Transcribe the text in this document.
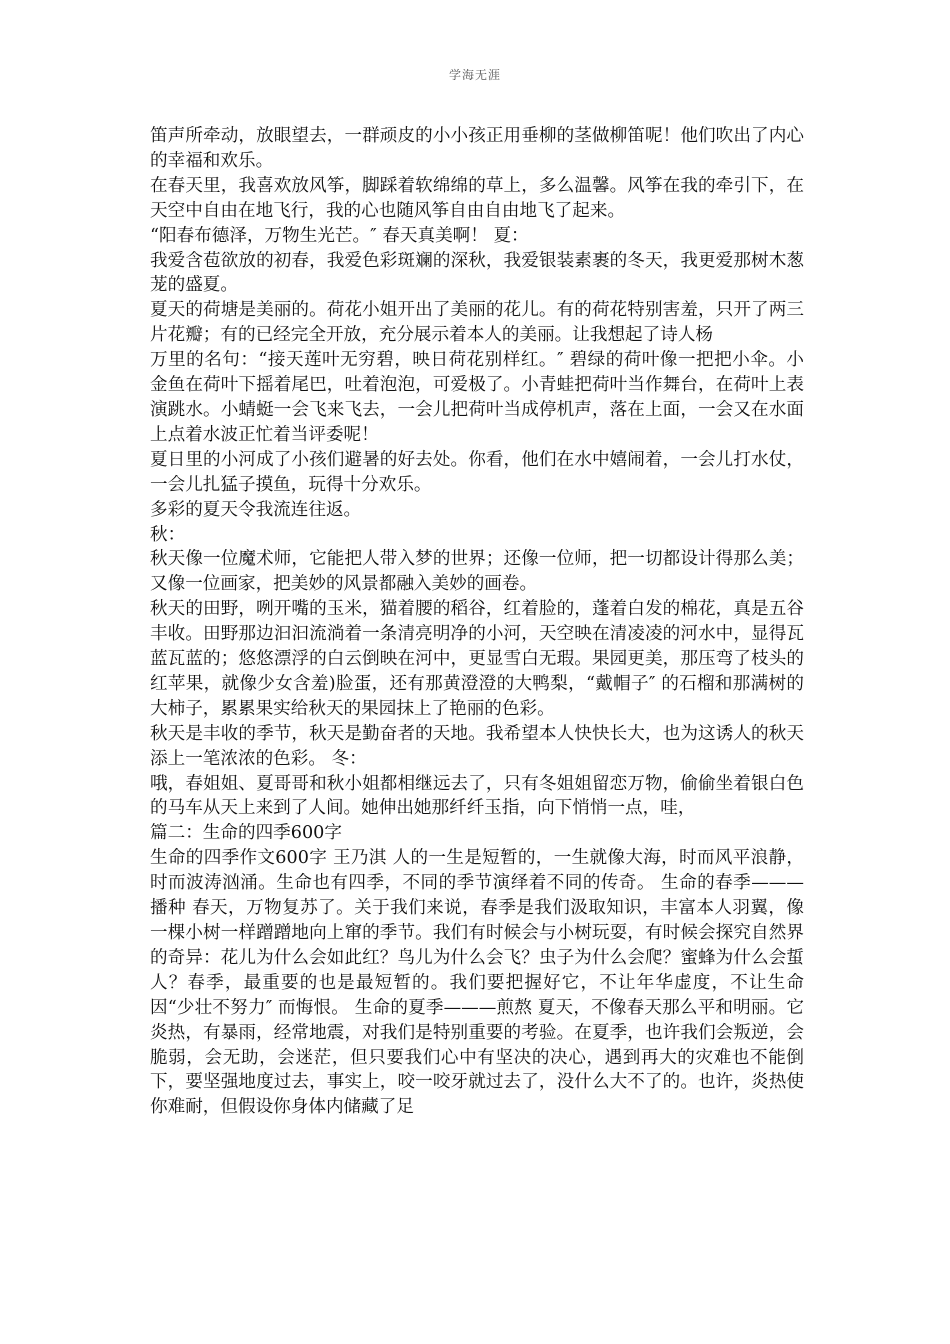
学海无涯

笛声所牵动，放眼望去，一群顽皮的小小孩正用垂柳的茎做柳笛呢！他们吹出了内心的幸福和欢乐。

在春天里，我喜欢放风筝，脚踩着软绵绵的草上，多么温馨。风筝在我的牵引下，在天空中自由在地飞行，我的心也随风筝自由自由地飞了起来。

“阳春布德泽，万物生光芒。″ 春天真美啊！ 夏：

我爱含苞欲放的初春，我爱色彩斑斓的深秋，我爱银装素裹的冬天，我更爱那树木葱茏的盛夏。

夏天的荷塘是美丽的。荷花小姐开出了美丽的花儿。有的荷花特别害羞，只开了两三片花瓣；有的已经完全开放，充分展示着本人的美丽。让我想起了诗人杨

万里的名句：“接天莲叶无穷碧，映日荷花别样红。″ 碧绿的荷叶像一把把小伞。小金鱼在荷叶下摇着尾巴，吐着泡泡，可爱极了。小青蛙把荷叶当作舞台，在荷叶上表演跳水。小蜻蜓一会飞来飞去，一会儿把荷叶当成停机声，落在上面，一会又在水面上点着水波正忙着当评委呢！

夏日里的小河成了小孩们避暑的好去处。你看，他们在水中嬉闹着，一会儿打水仗，一会儿扎猛子摸鱼，玩得十分欢乐。

多彩的夏天令我流连往返。

秋：

秋天像一位魔术师，它能把人带入梦的世界；还像一位师，把一切都设计得那么美；又像一位画家，把美妙的风景都融入美妙的画卷。

秋天的田野，咧开嘴的玉米，猫着腰的稻谷，红着脸的，蓬着白发的棉花，真是五谷丰收。田野那边汩汩流淌着一条清亮明净的小河，天空映在清凌凌的河水中，显得瓦蓝瓦蓝的；悠悠漂浮的白云倒映在河中，更显雪白无瑕。果园更美，那压弯了枝头的红苹果，就像少女含羞)脸蛋，还有那黄澄澄的大鸭梨，“戴帽子″ 的石榴和那满树的大柿子，累累果实给秋天的果园抹上了艳丽的色彩。

秋天是丰收的季节，秋天是勤奋者的天地。我希望本人快快长大，也为这诱人的秋天添上一笔浓浓的色彩。 冬：

哦，春姐姐、夏哥哥和秋小姐都相继远去了，只有冬姐姐留恋万物，偷偷坐着银白色的马车从天上来到了人间。她伸出她那纤纤玉指，向下悄悄一点，哇，

篇二：生命的四季600字

生命的四季作文600字 王乃淇 人的一生是短暂的，一生就像大海，时而风平浪静，时而波涛汹涌。生命也有四季，不同的季节演绎着不同的传奇。 生命的春季———播种 春天，万物复苏了。关于我们来说，春季是我们汲取知识，丰富本人羽翼，像一棵小树一样蹭蹭地向上窜的季节。我们有时候会与小树玩耍，有时候会探究自然界的奇异：花儿为什么会如此红？鸟儿为什么会飞？虫子为什么会爬？蜜蜂为什么会蜇人？春季，最重要的也是最短暂的。我们要把握好它，不让年华虚度，不让生命因“少壮不努力″ 而悔恨。 生命的夏季———煎熬 夏天，不像春天那么平和明丽。它炎热，有暴雨，经常地震，对我们是特别重要的考验。在夏季，也许我们会叛逆，会脆弱，会无助，会迷茫，但只要我们心中有坚决的决心，遇到再大的灾难也不能倒下，要坚强地度过去，事实上，咬一咬牙就过去了，没什么大不了的。也许，炎热使你难耐，但假设你身体内储藏了足
